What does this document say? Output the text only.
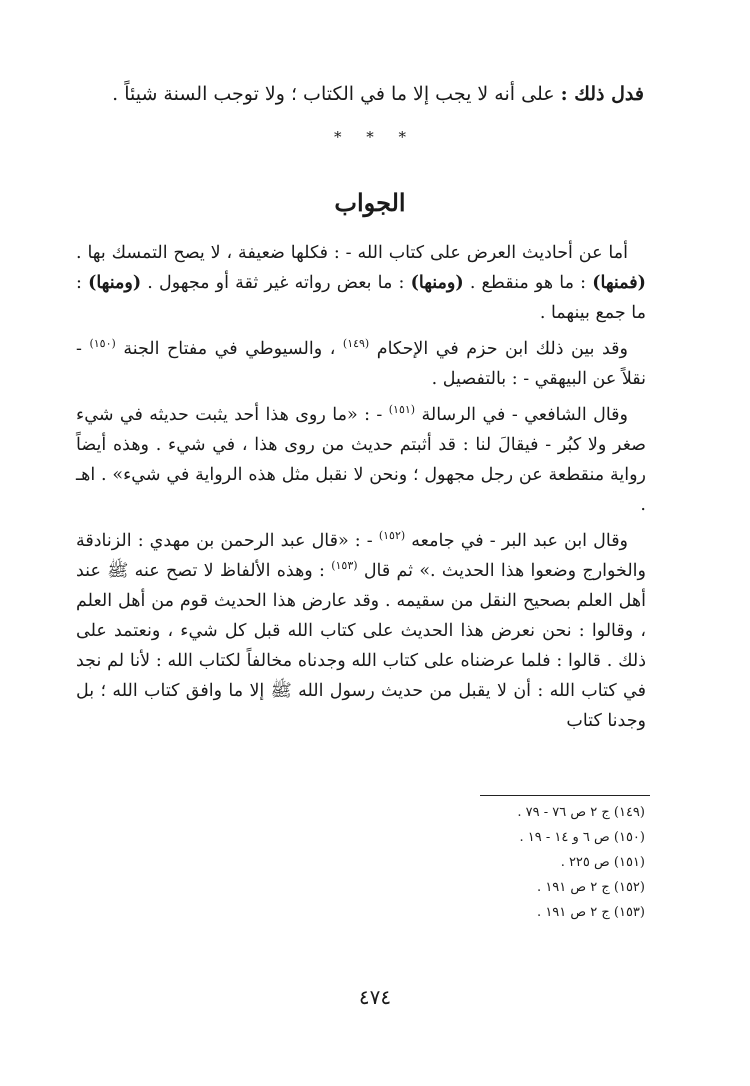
فدل ذلك : على أنه لا يجب إلا ما في الكتاب ؛ ولا توجب السنة شيئاً .
* * *
الجواب

أما عن أحاديث العرض على كتاب الله - : فكلها ضعيفة ، لا يصح التمسك بها . (فمنها) : ما هو منقطع . (ومنها) : ما بعض رواته غير ثقة أو مجهول . (ومنها) : ما جمع بينهما .

وقد بين ذلك ابن حزم في الإحكام $^{(١٤٩)}$ ، والسيوطي في مفتاح الجنة $^{(١٥٠)}$ - نقلاً عن البيهقي - : بالتفصيل .

وقال الشافعي - في الرسالة $^{(١٥١)}$ - : «ما روى هذا أحد يثبت حديثه في شيء صغر ولا كبُر - فيقالَ لنا : قد أثبتم حديث من روى هذا ، في شيء . وهذه أيضاً رواية منقطعة عن رجل مجهول ؛ ونحن لا نقبل مثل هذه الرواية في شيء» . اهـ .

وقال ابن عبد البر - في جامعه $^{(١٥٢)}$ - : «قال عبد الرحمن بن مهدي : الزنادقة والخوارج وضعوا هذا الحديث .» ثم قال $^{(١٥٣)}$ : وهذه الألفاظ لا تصح عنه ﷺ عند أهل العلم بصحيح النقل من سقيمه . وقد عارض هذا الحديث قوم من أهل العلم ، وقالوا : نحن نعرض هذا الحديث على كتاب الله قبل كل شيء ، ونعتمد على ذلك . قالوا : فلما عرضناه على كتاب الله وجدناه مخالفاً لكتاب الله : لأنا لم نجد في كتاب الله : أن لا يقبل من حديث رسول الله ﷺ إلا ما وافق كتاب الله ؛ بل وجدنا كتاب

(١٤٩) ج ٢ ص ٧٦ - ٧٩ .
(١٥٠) ص ٦ و ١٤ - ١٩ .
(١٥١) ص ٢٢٥ .
(١٥٢) ج ٢ ص ١٩١ .
(١٥٣) ج ٢ ص ١٩١ .
٤٧٤
